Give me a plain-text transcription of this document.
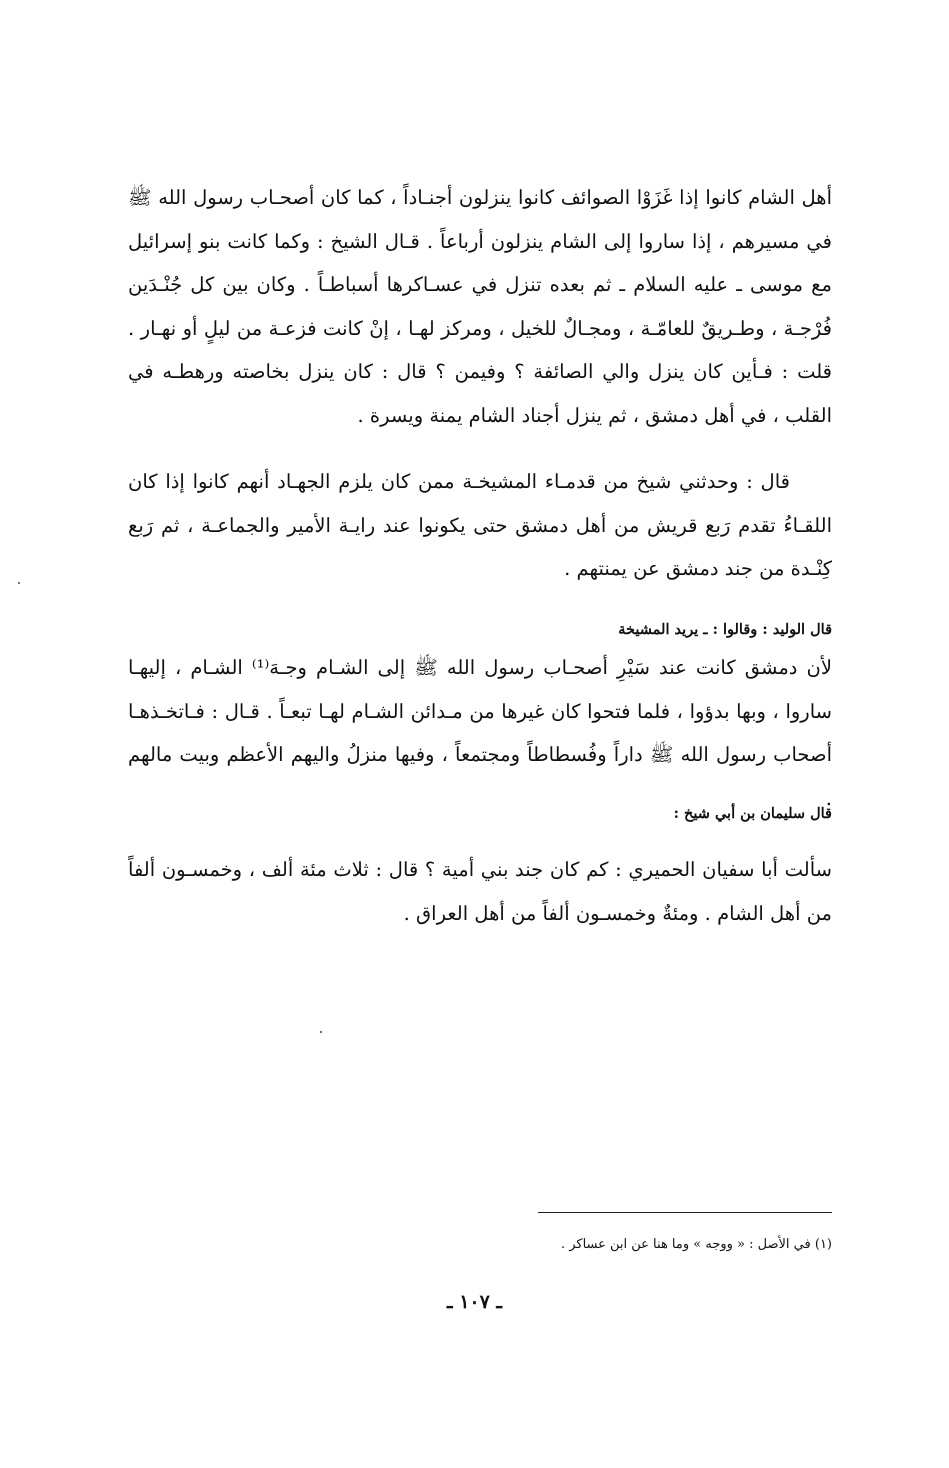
أهل الشام كانوا إذا غَزَوْا الصوائف كانوا ينزلون أجنـاداً ، كما كان أصحـاب رسول الله ﷺ في مسيرهم ، إذا ساروا إلى الشام ينزلون أرباعاً . قـال الشيخ : وكما كانت بنو إسرائيل مع موسى ـ عليه السلام ـ ثم بعده تنزل في عسـاكرها أسباطـاً . وكان بين كل جُنْـدَين فُرْجـة ، وطـريقٌ للعامّـة ، ومجـالٌ للخيل ، ومركز لهـا ، إنْ كانت فزعـة من ليلٍ أو نهـار . قلت : فـأين كان ينزل والي الصائفة ؟ وفيمن ؟ قال : كان ينزل بخاصته ورهطـه في القلب ، في أهل دمشق ، ثم ينزل أجناد الشام يمنة ويسرة .

قال : وحدثني شيخ من قدمـاء المشيخـة ممن كان يلزم الجهـاد أنهم كانوا إذا كان اللقـاءُ تقدم رَبع قريش من أهل دمشق حتى يكونوا عند رايـة الأمير والجماعـة ، ثم رَبع كِنْـدة من جند دمشق عن يمنتهم .

قال الوليد : وقالوا : ـ يريد المشيخة

لأن دمشق كانت عند سَيْرِ أصحـاب رسول الله ﷺ إلى الشـام وجـهَ⁽¹⁾ الشـام ، إليهـا ساروا ، وبها بدؤوا ، فلما فتحوا كان غيرها من مـدائن الشـام لهـا تبعـاً . قـال : فـاتخـذهـا أصحاب رسول الله ﷺ داراً وفُسطاطاً ومجتمعاً ، وفيها منزلُ واليهم الأعظم وبيت مالهم .

قال سليمان بن أبي شيخ :

سألت أبا سفيان الحميري : كم كان جند بني أمية ؟ قال : ثلاث مئة ألف ، وخمسـون ألفاً من أهل الشام . ومئةٌ وخمسـون ألفاً من أهل العراق .

(١) في الأصل : « ووجه » وما هنا عن ابن عساكر .
ـ ١٠٧ ـ
